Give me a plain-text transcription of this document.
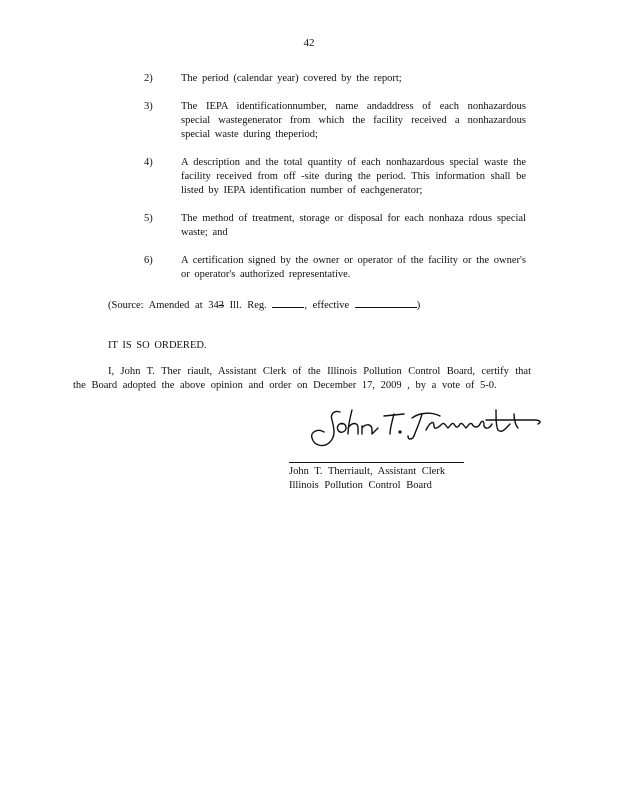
42
2)	The period (calendar year) covered by the report;
3)	The IEPA identificationnumber, name andaddress of each nonhazardous special wastegenerator from which the facility received a nonhazardous special waste during theperiod;
4)	A description and the total quantity of each nonhazardous special waste the facility received from off -site during the period. This information shall be listed by IEPA identification number of eachgenerator;
5)	The method of treatment, storage or disposal for each nonhaza rdous special waste; and
6)	A certification signed by the owner or operator of the facility or the owner's or operator's authorized representative.
(Source: Amended at 343 Ill. Reg.	, effective	)
IT IS SO ORDERED.
I, John T. Ther riault, Assistant Clerk of the Illinois Pollution Control Board, certify that the Board adopted the above opinion and order on December 17, 2009 , by a vote of 5-0.
John T. Therriault, Assistant Clerk
Illinois Pollution Control Board
